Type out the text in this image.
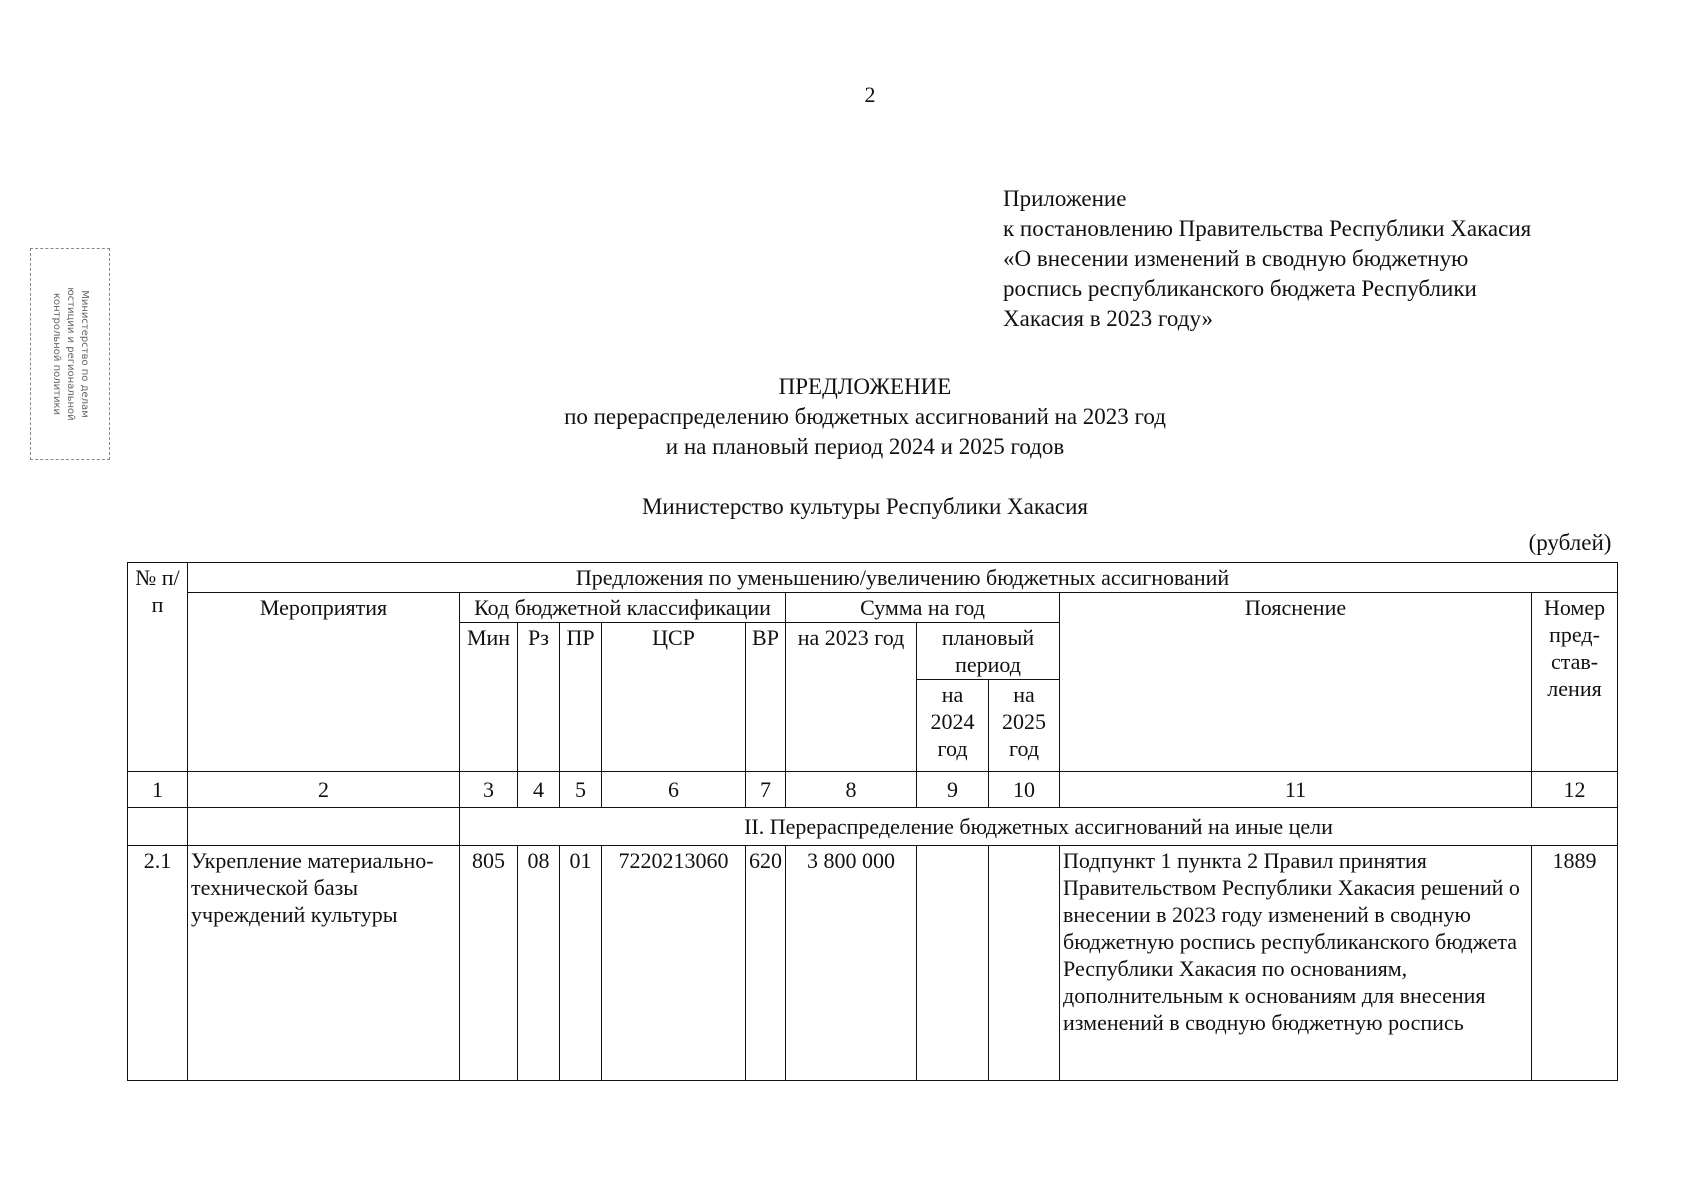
2
Министерство по делам
юстиции и региональной
контрольной политики
Приложение
к постановлению Правительства Республики Хакасия
«О внесении изменений в сводную бюджетную
роспись республиканского бюджета Республики
Хакасия в 2023 году»
ПРЕДЛОЖЕНИЕ
по перераспределению бюджетных ассигнований на 2023 год
и на плановый период 2024 и 2025 годов
Министерство культуры Республики Хакасия
(рублей)
№ п/п	Предложения по уменьшению/увеличению бюджетных ассигнований										
	Мероприятия	Код бюджетной классификации					Сумма на год			Пояснение	Номер пред-став-ления
		Мин	Рз	ПР	ЦСР	ВР	на 2023 год	плановый период			
								на 2024 год	на 2025 год		
1	2	3	4	5	6	7	8	9	10	11	12
		II. Перераспределение бюджетных ассигнований на иные цели									
2.1	Укрепление материально-технической базы учреждений культуры	805	08	01	7220213060	620	3 800 000			Подпункт 1 пункта 2 Правил принятия Правительством Республики Хакасия решений о внесении в 2023 году изменений в сводную бюджетную роспись республиканского бюджета Республики Хакасия по основаниям, дополнительным к основаниям для внесения изменений в сводную бюджетную роспись	1889
